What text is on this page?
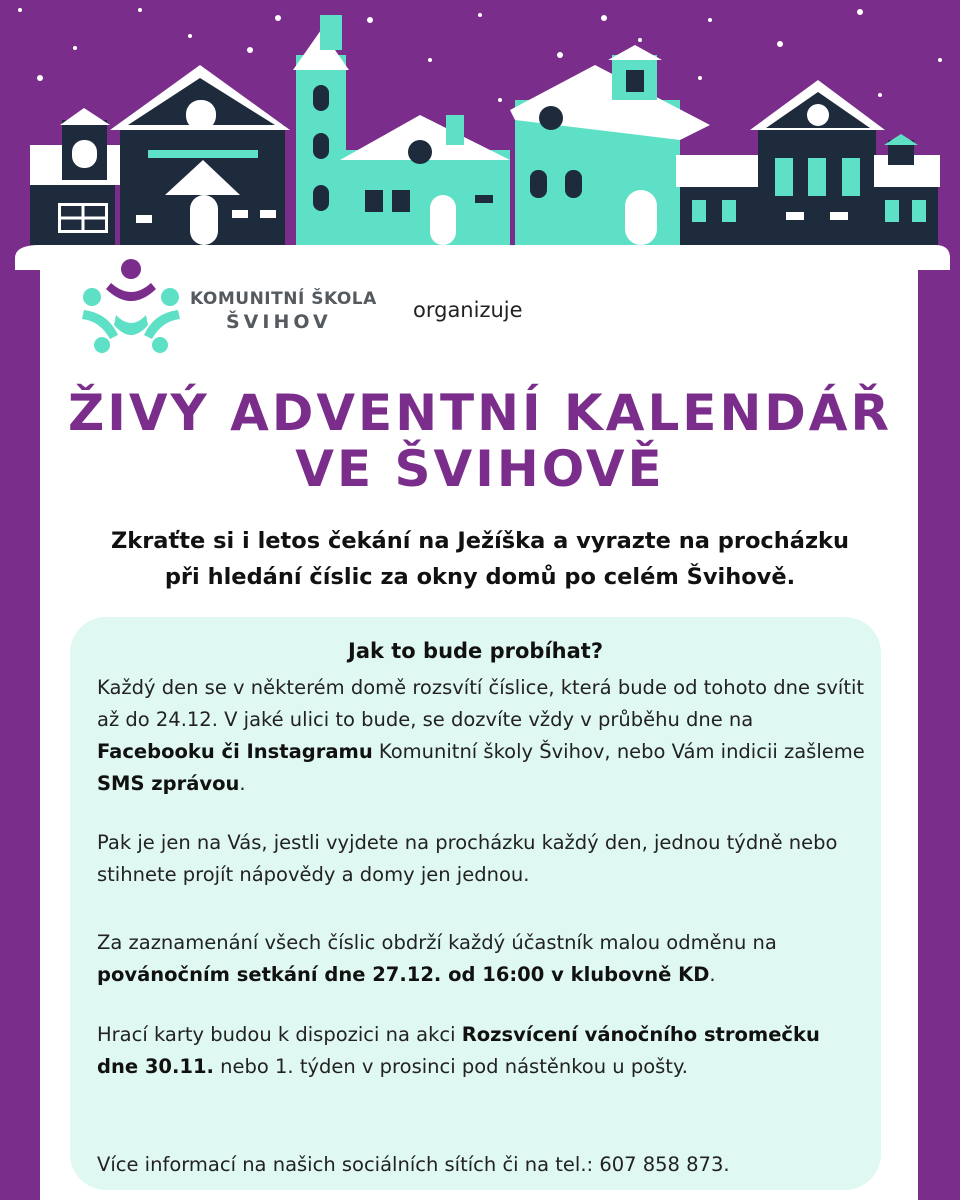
KOMUNITNÍ ŠKOLA
ŠVIHOV	organizuje
ŽIVÝ ADVENTNÍ KALENDÁŘ
VE ŠVIHOVĚ
Zkraťte si i letos čekání na Ježíška a vyrazte na procházku
při hledání číslic za okny domů po celém Švihově.
Jak to bude probíhat?
Každý den se v některém domě rozsvítí číslice, která bude od tohoto dne svítit až do 24.12. V jaké ulici to bude, se dozvíte vždy v průběhu dne na Facebooku či Instagramu Komunitní školy Švihov, nebo Vám indicii zašleme SMS zprávou.
Pak je jen na Vás, jestli vyjdete na procházku každý den, jednou týdně nebo stihnete projít nápovědy a domy jen jednou.
Za zaznamenání všech číslic obdrží každý účastník malou odměnu na povánočním setkání dne 27.12. od 16:00 v klubovně KD.
Hrací karty budou k dispozici na akci Rozsvícení vánočního stromečku dne 30.11. nebo 1. týden v prosinci pod nástěnkou u pošty.
Více informací na našich sociálních sítích či na tel.: 607 858 873.
